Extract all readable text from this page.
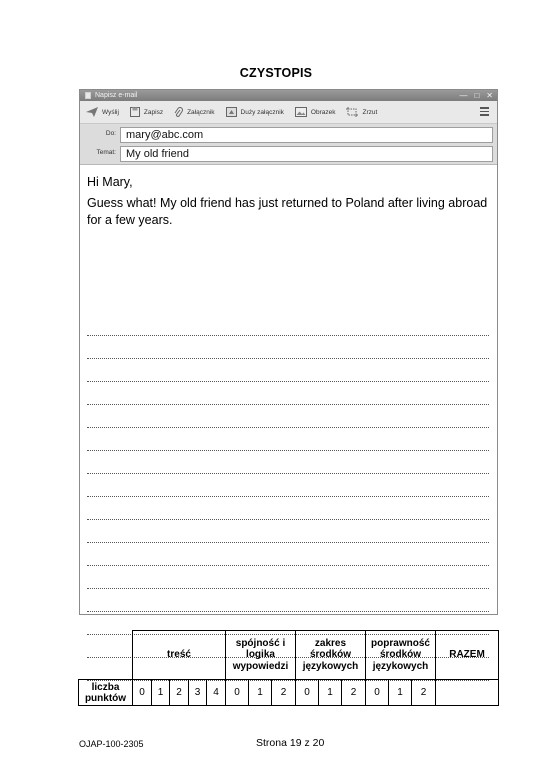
CZYSTOPIS
Napisz e-mail	— □ ✕
Wyślij	Zapisz	Załącznik	Duży załącznik	Obrazek	Zrzut
Do: mary@abc.com
Temat: My old friend
Hi Mary,
Guess what! My old friend has just returned to Poland after living abroad for a few years.
	treść					spójność i logika wypowiedzi			zakres środków językowych			poprawność środków językowych			RAZEM
liczba punktów	0	1	2	3	4	0	1	2	0	1	2	0	1	2	
OJAP-100-2305	Strona 19 z 20
